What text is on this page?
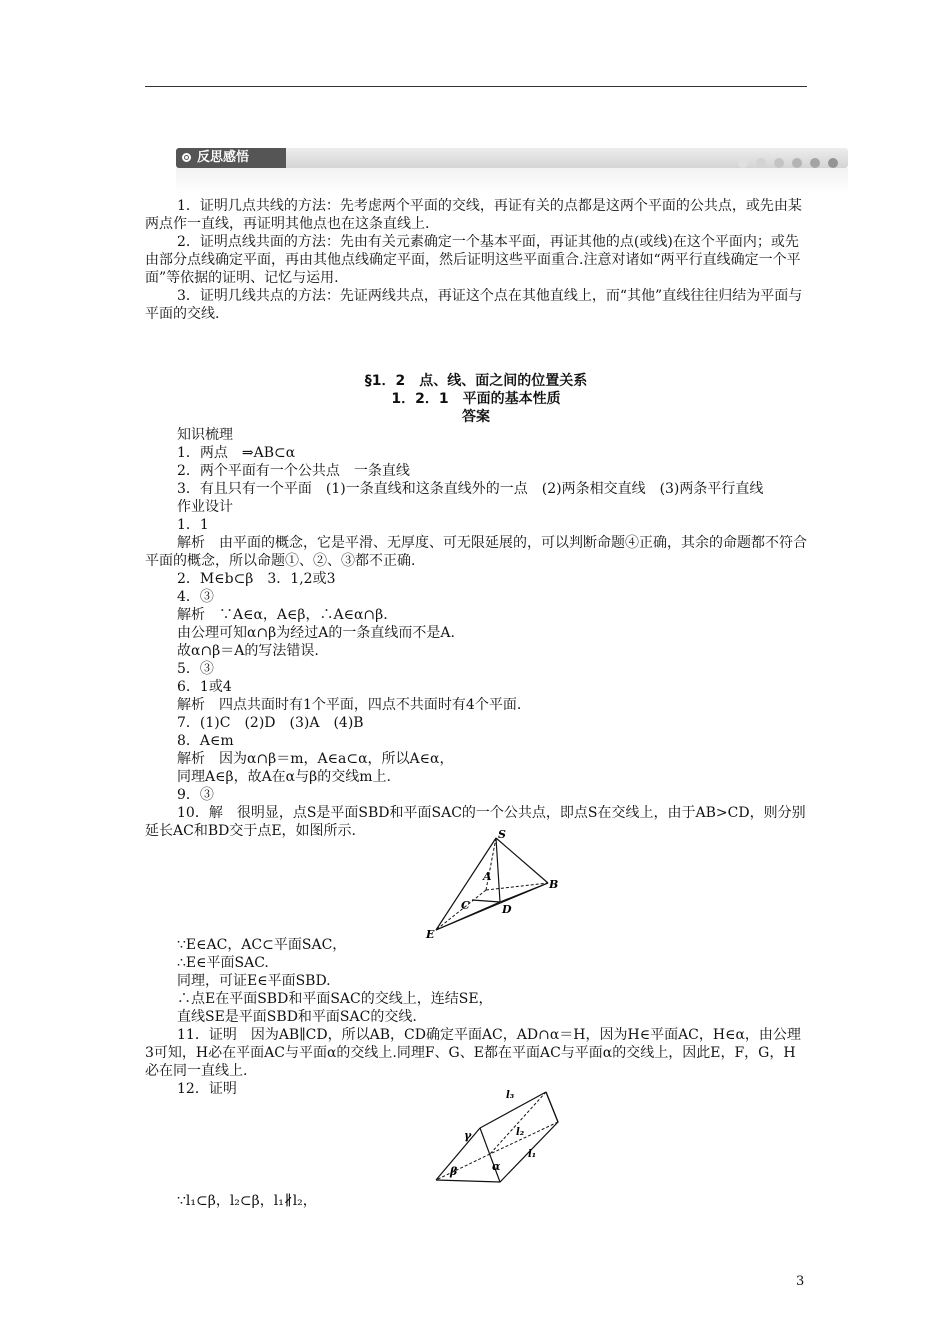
反思感悟

1．证明几点共线的方法：先考虑两个平面的交线，再证有关的点都是这两个平面的公共点，或先由某两点作一直线，再证明其他点也在这条直线上.

2．证明点线共面的方法：先由有关元素确定一个基本平面，再证其他的点(或线)在这个平面内；或先由部分点线确定平面，再由其他点线确定平面，然后证明这些平面重合.注意对诸如“两平行直线确定一个平面”等依据的证明、记忆与运用.

3．证明几线共点的方法：先证两线共点，再证这个点在其他直线上，而“其他”直线往往归结为平面与平面的交线.

§1．2　点、线、面之间的位置关系

1．2．1　平面的基本性质

答案

知识梳理

1．两点　⇒AB⊂α

2．两个平面有一个公共点　一条直线

3．有且只有一个平面　(1)一条直线和这条直线外的一点　(2)两条相交直线　(3)两条平行直线

作业设计

1．1

解析　由平面的概念，它是平滑、无厚度、可无限延展的，可以判断命题④正确，其余的命题都不符合平面的概念，所以命题①、②、③都不正确.

2．M∈b⊂β　3．1,2或3

4．③

解析　∵A∈α，A∈β，∴A∈α∩β.

由公理可知α∩β为经过A的一条直线而不是A.

故α∩β＝A的写法错误.

5．③

6．1或4

解析　四点共面时有1个平面，四点不共面时有4个平面.

7．(1)C　(2)D　(3)A　(4)B

8．A∈m

解析　因为α∩β＝m，A∈a⊂α，所以A∈α，

同理A∈β，故A在α与β的交线m上.

9．③

10．解　很明显，点S是平面SBD和平面SAC的一个公共点，即点S在交线上，由于AB>CD，则分别延长AC和BD交于点E，如图所示.	S
A
B
C	D
E

∵E∈AC，AC⊂平面SAC，

∴E∈平面SAC.

同理，可证E∈平面SBD.

∴点E在平面SBD和平面SAC的交线上，连结SE，

直线SE是平面SBD和平面SAC的交线.

11．证明　因为AB∥CD，所以AB，CD确定平面AC，AD∩α＝H，因为H∈平面AC，H∈α，由公理3可知，H必在平面AC与平面α的交线上.同理F、G、E都在平面AC与平面α的交线上，因此E，F，G，H必在同一直线上.

12．证明	l₃
l₂
l₁
γ
α
β

∵l₁⊂β，l₂⊂β，l₁∦l₂，

3
